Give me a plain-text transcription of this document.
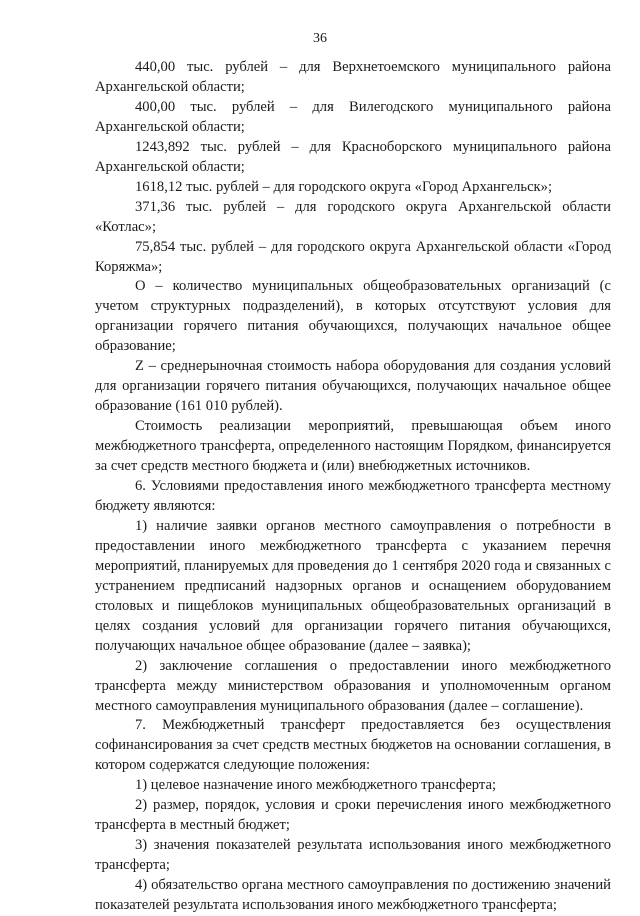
36

440,00 тыс. рублей – для Верхнетоемского муниципального района Архангельской области;

400,00 тыс. рублей – для Вилегодского муниципального района Архангельской области;

1243,892 тыс. рублей – для Красноборского муниципального района Архангельской области;

1618,12 тыс. рублей – для городского округа «Город Архангельск»;

371,36 тыс. рублей – для городского округа Архангельской области «Котлас»;

75,854 тыс. рублей – для городского округа Архангельской области «Город Коряжма»;

O – количество муниципальных общеобразовательных организаций (с учетом структурных подразделений), в которых отсутствуют условия для организации горячего питания обучающихся, получающих начальное общее образование;

Z – среднерыночная стоимость набора оборудования для создания условий для организации горячего питания обучающихся, получающих начальное общее образование (161 010 рублей).

Стоимость реализации мероприятий, превышающая объем иного межбюджетного трансферта, определенного настоящим Порядком, финансируется за счет средств местного бюджета и (или) внебюджетных источников.

6. Условиями предоставления иного межбюджетного трансферта местному бюджету являются:

1) наличие заявки органов местного самоуправления о потребности в предоставлении иного межбюджетного трансферта с указанием перечня мероприятий, планируемых для проведения до 1 сентября 2020 года и связанных с устранением предписаний надзорных органов и оснащением оборудованием столовых и пищеблоков муниципальных общеобразовательных организаций в целях создания условий для организации горячего питания обучающихся, получающих начальное общее образование (далее – заявка);

2) заключение соглашения о предоставлении иного межбюджетного трансферта между министерством образования и уполномоченным органом местного самоуправления муниципального образования (далее – соглашение).

7. Межбюджетный трансферт предоставляется без осуществления софинансирования за счет средств местных бюджетов на основании соглашения, в котором содержатся следующие положения:

1) целевое назначение иного межбюджетного трансферта;

2) размер, порядок, условия и сроки перечисления иного межбюджетного трансферта в местный бюджет;

3) значения показателей результата использования иного межбюджетного трансферта;

4) обязательство органа местного самоуправления по достижению значений показателей результата использования иного межбюджетного трансферта;
